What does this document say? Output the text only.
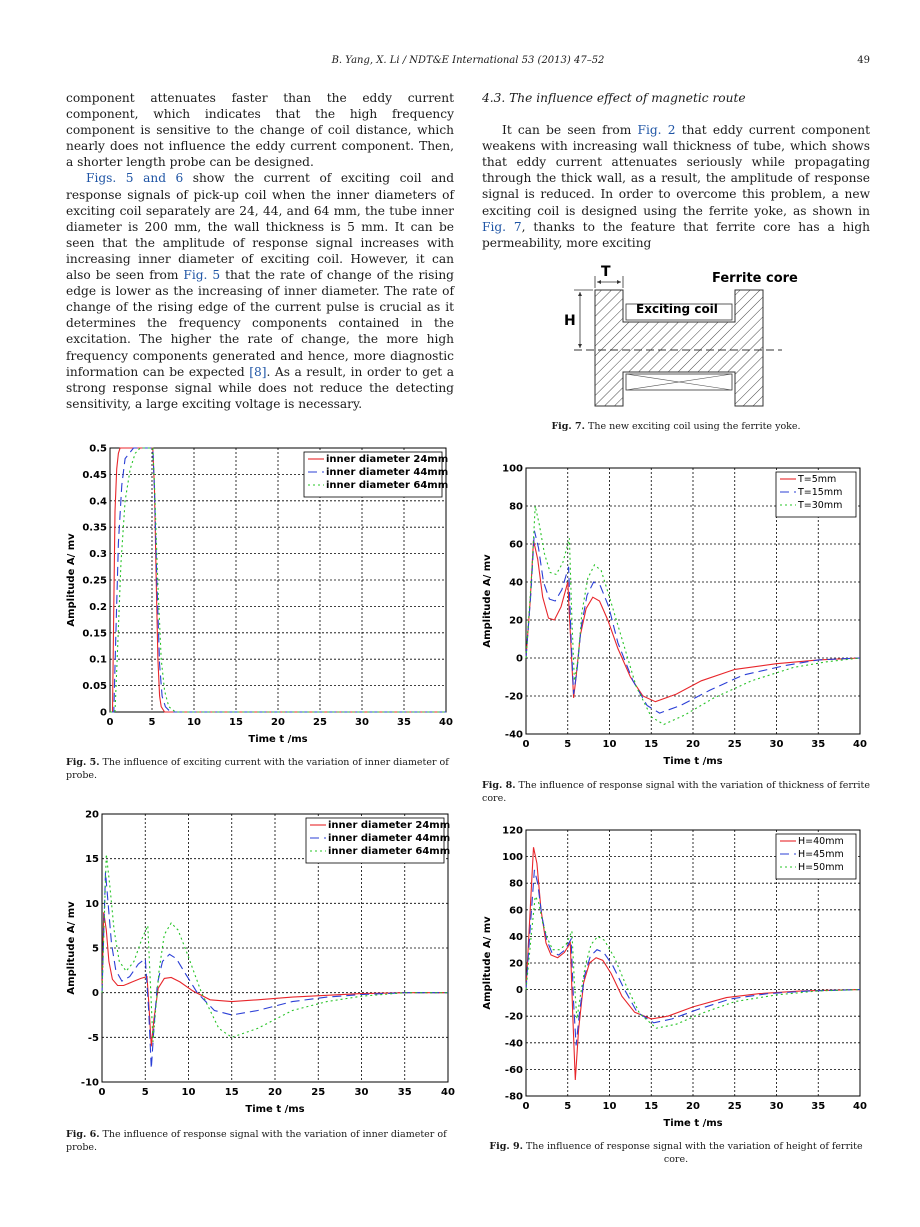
B. Yang, X. Li / NDT&E International 53 (2013) 47–52	49

component attenuates faster than the eddy current component, which indicates that the high frequency component is sensitive to the change of coil distance, which nearly does not influence the eddy current component. Then, a shorter length probe can be designed.

Figs. 5 and 6 show the current of exciting coil and response signals of pick-up coil when the inner diameters of exciting coil separately are 24, 44, and 64 mm, the tube inner diameter is 200 mm, the wall thickness is 5 mm. It can be seen that the amplitude of response signal increases with increasing inner diameter of exciting coil. However, it can also be seen from Fig. 5 that the rate of change of the rising edge is lower as the increasing of inner diameter. The rate of change of the rising edge of the current pulse is crucial as it determines the frequency components contained in the excitation. The higher the rate of change, the more high frequency components generated and hence, more diagnostic information can be expected [8]. As a result, in order to get a strong response signal while does not reduce the detecting sensitivity, a large exciting voltage is necessary.

4.3. The influence effect of magnetic route

It can be seen from Fig. 2 that eddy current component weakens with increasing wall thickness of tube, which shows that eddy current attenuates seriously while propagating through the thick wall, as a result, the amplitude of response signal is reduced. In order to overcome this problem, a new exciting coil is designed using the ferrite yoke, as shown in Fig. 7, thanks to the feature that ferrite core has a high permeability, more exciting

T
H
Ferrite core
Exciting coil
Fig. 7. The new exciting coil using the ferrite yoke.
0	5	10	15	20	25	30	35	40
0
0.05
0.1
0.15
0.2
0.25
0.3
0.35
0.4
0.45
0.5
Time t /ms
Amplitude A/ mv
inner diameter 24mm
inner diameter 44mm
inner diameter 64mm
Fig. 5. The influence of exciting current with the variation of inner diameter of probe.
0	5	10	15	20	25	30	35	40
-10
-5
0
5
10
15
20
Time t /ms
Amplitude A/ mv
inner diameter 24mm
inner diameter 44mm
inner diameter 64mm
Fig. 6. The influence of response signal with the variation of inner diameter of probe.
0	5	10	15	20	25	30	35	40
-40
-20
0
20
40
60
80
100
Time t /ms
Amplitude A/ mv
T=5mm
T=15mm
T=30mm
Fig. 8. The influence of response signal with the variation of thickness of ferrite core.
0	5	10	15	20	25	30	35	40
-80
-60
-40
-20
0
20
40
60
80
100
120
Time t /ms
Amplitude A/ mv
H=40mm
H=45mm
H=50mm
Fig. 9. The influence of response signal with the variation of height of ferrite core.
